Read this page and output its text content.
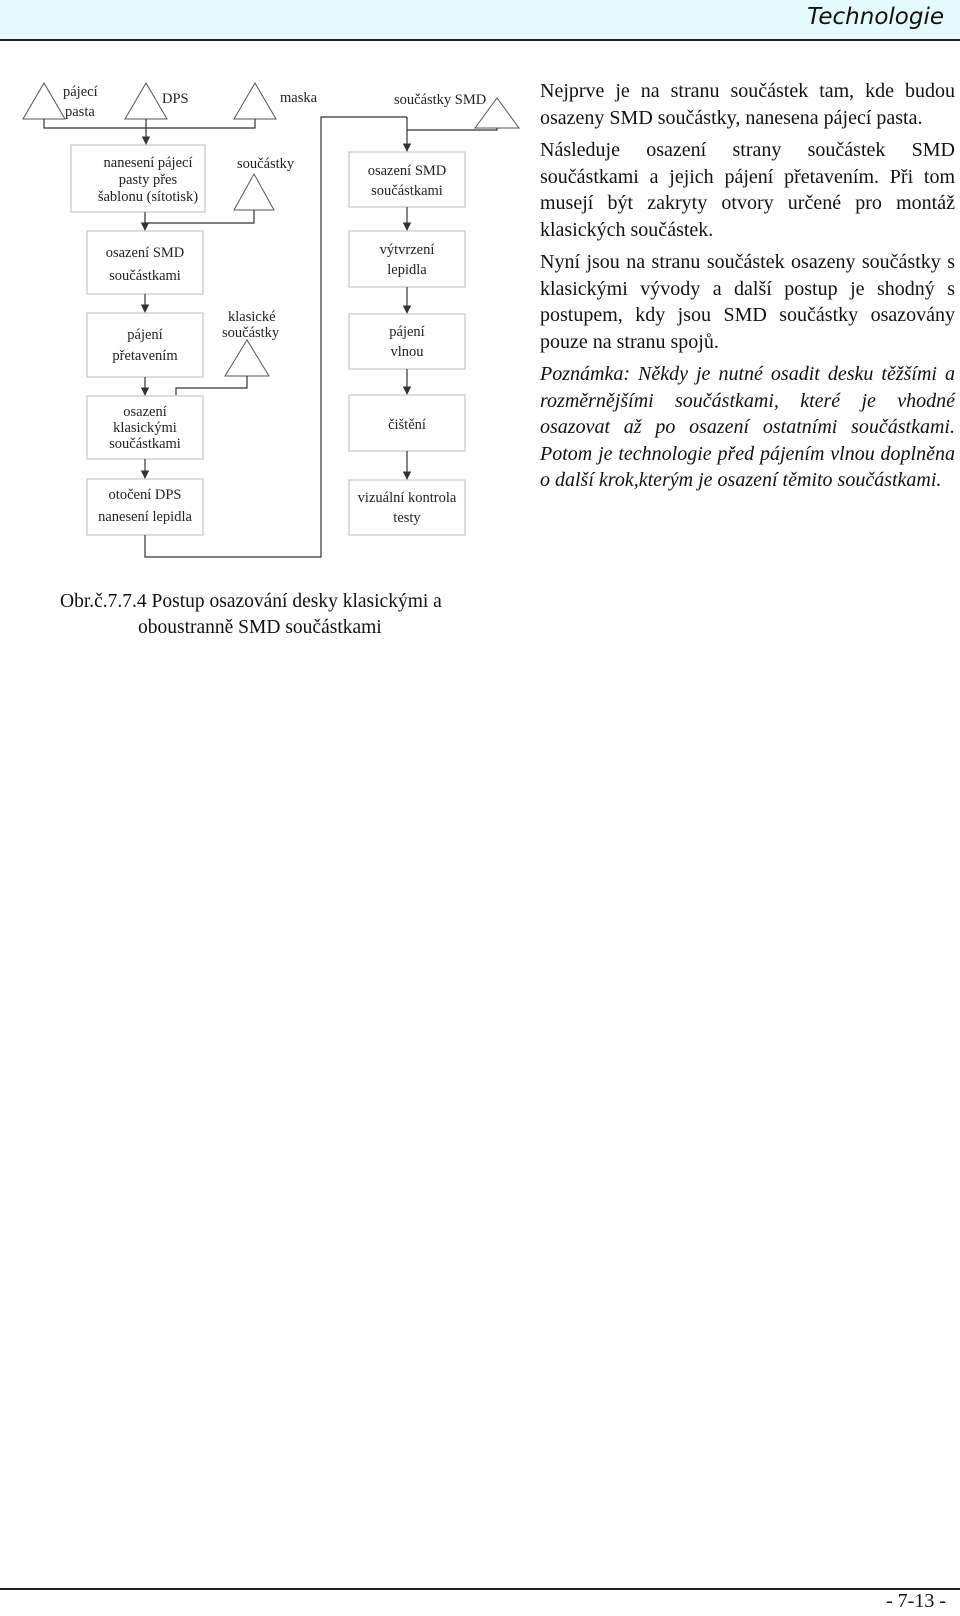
Technologie
pájecí
pasta
DPS	maska	součástky SMD
součástky
klasické
součástky
nanesení pájecí
pasty přes
šablonu (sítotisk)
osazení SMD
součástkami
pájení
přetavením
osazení
klasickými
součástkami
otočení DPS
nanesení lepidla
osazení SMD
součástkami
výtvrzení
lepidla
pájení
vlnou
čištění
vizuální kontrola
testy
Obr.č.7.7.4 Postup osazování desky klasickými a
oboustranně SMD součástkami

Nejprve je na stranu součástek tam, kde budou osazeny SMD součástky, nanesena pájecí pasta.

Následuje osazení strany součástek SMD součástkami a jejich pájení přetavením. Při tom musejí být zakryty otvory určené pro montáž klasických součástek.

Nyní jsou na stranu součástek osazeny součástky s klasickými vývody a další postup je shodný s postupem, kdy jsou SMD součástky osazovány pouze na stranu spojů.

Poznámka: Někdy je nutné osadit desku těžšími a rozměrnějšími součástkami, které je vhodné osazovat až po osazení ostatními součástkami. Potom je technologie před pájením vlnou doplněna o další krok,kterým je osazení těmito součástkami.

- 7-13 -
